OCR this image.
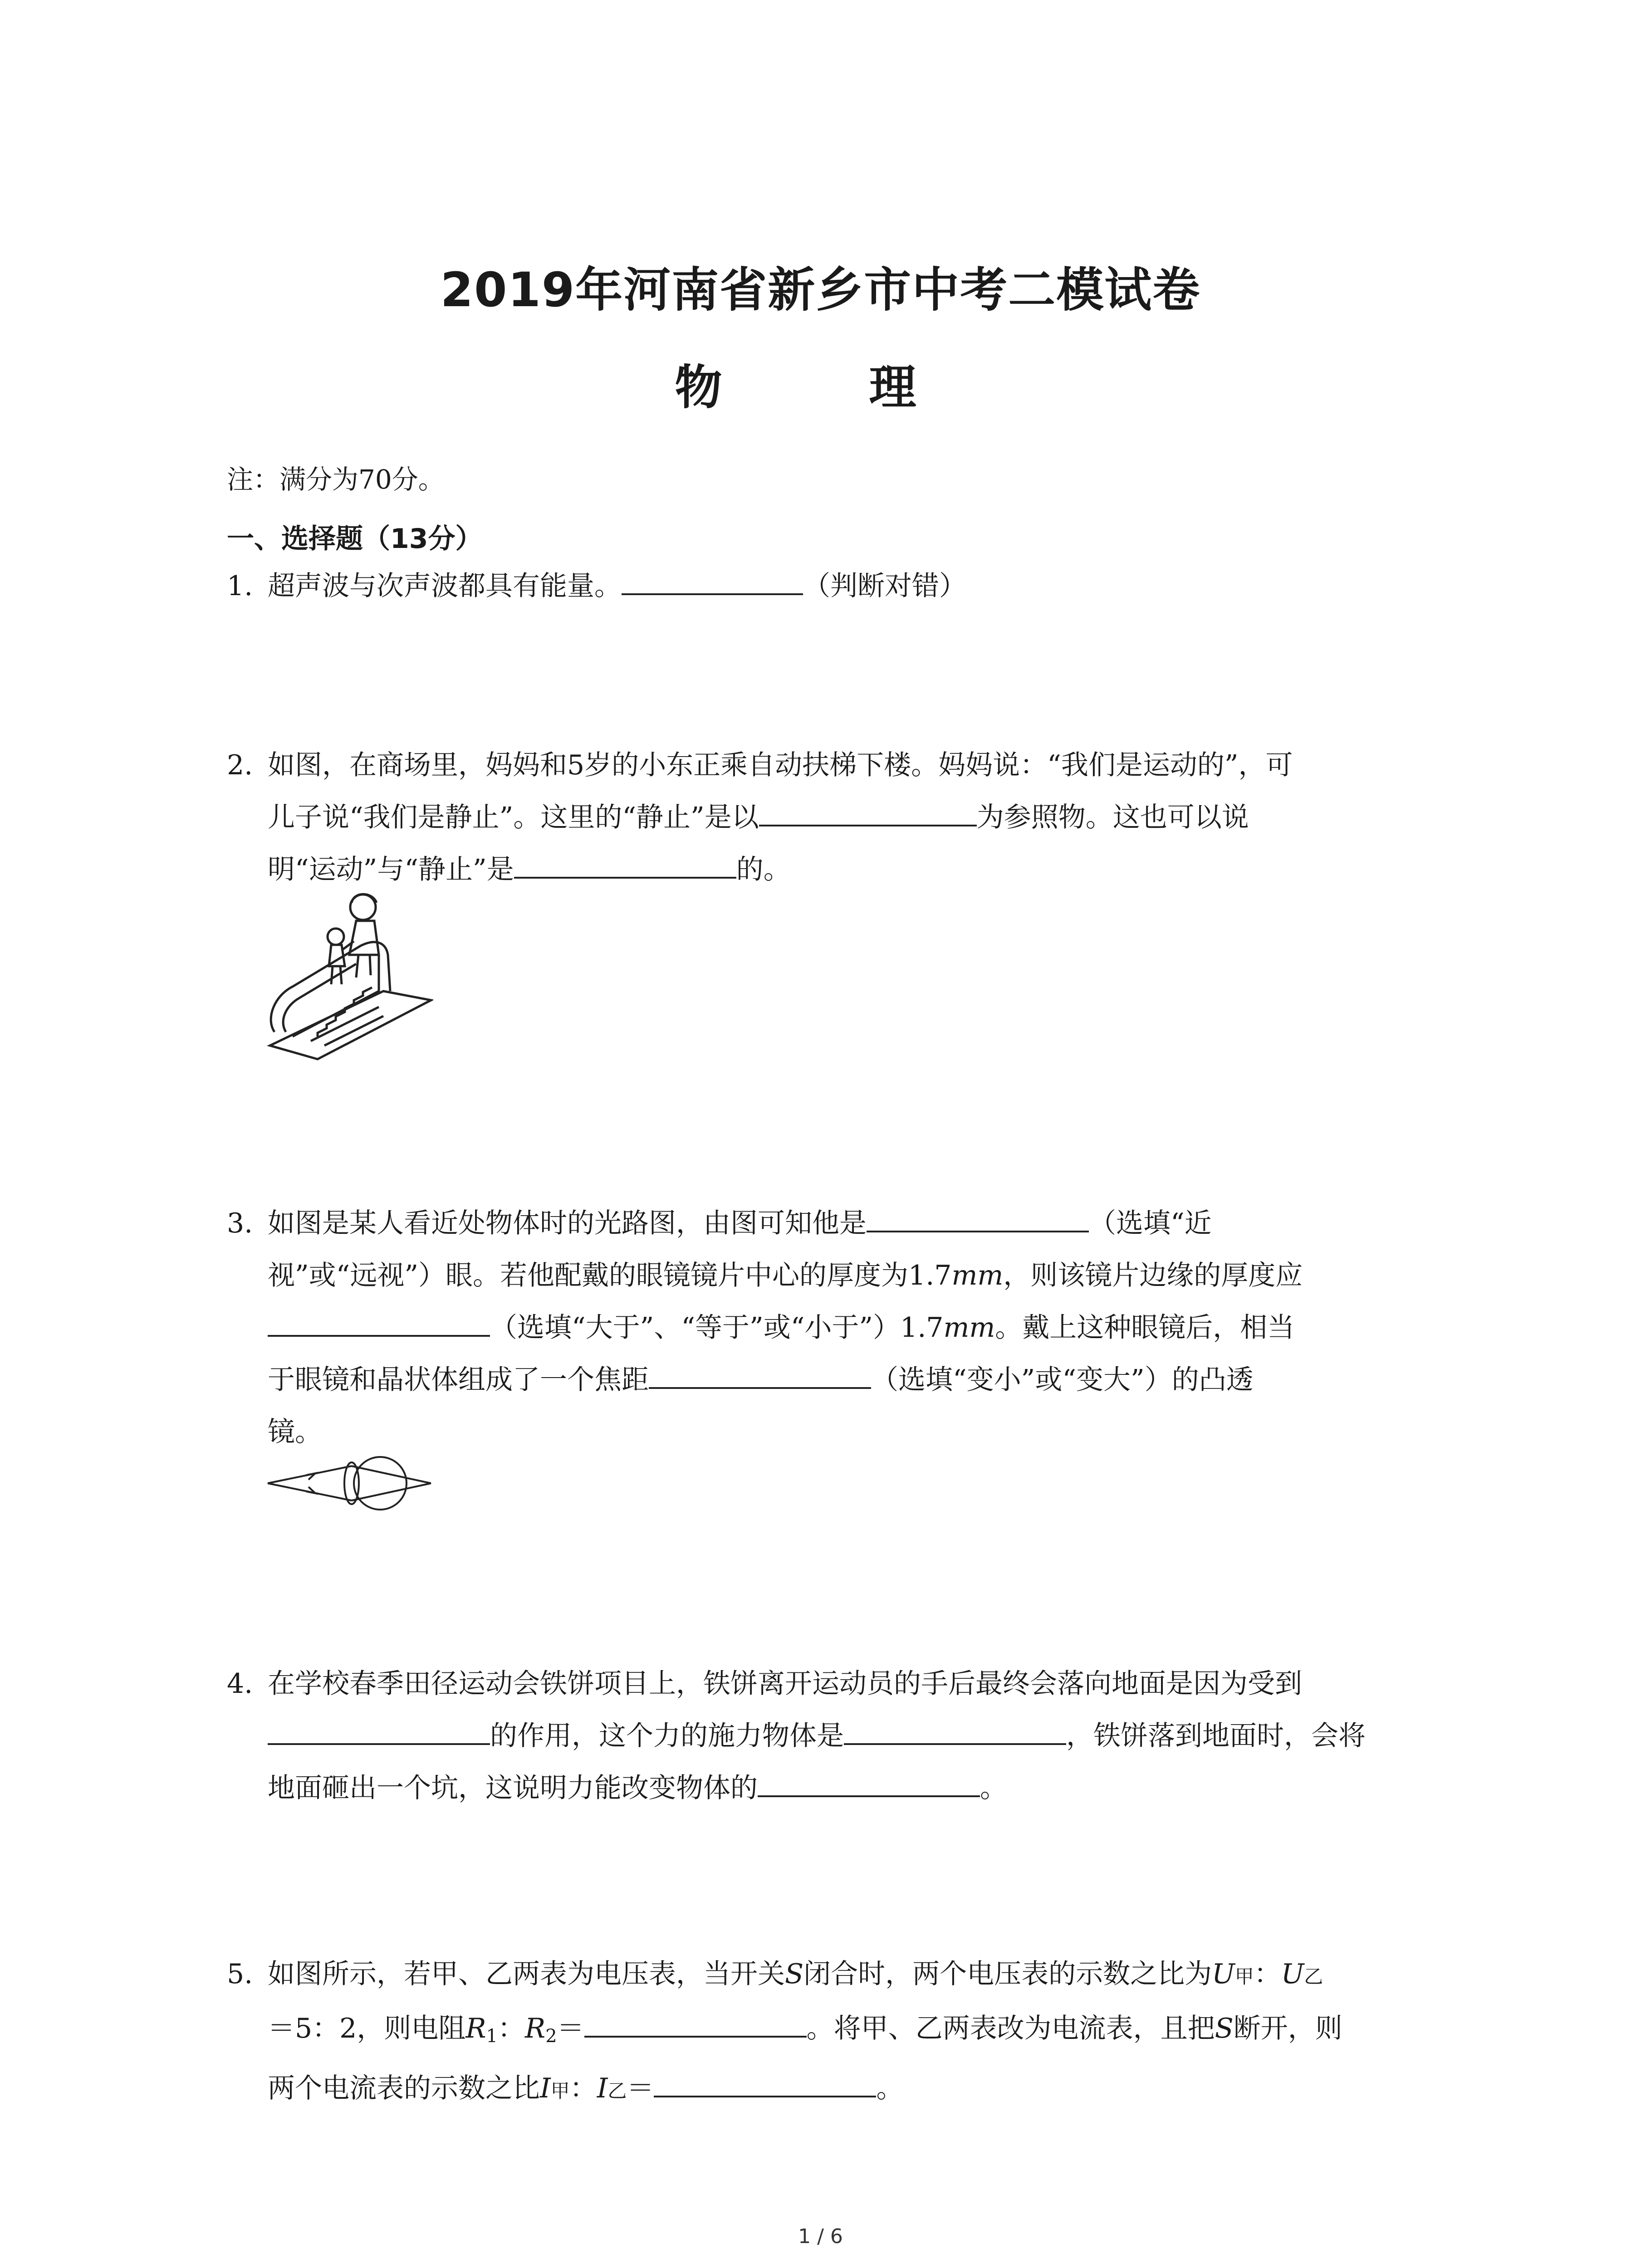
2019年河南省新乡市中考二模试卷
物　理
注：满分为70分。
一、选择题（13分）
1. 超声波与次声波都具有能量。	（判断对错）
2. 如图，在商场里，妈妈和5岁的小东正乘自动扶梯下楼。妈妈说：“我们是运动的”，可
儿子说“我们是静止”。这里的“静止”是以	为参照物。这也可以说
明“运动”与“静止”是	的。
3. 如图是某人看近处物体时的光路图，由图可知他是	（选填“近
视”或“远视”）眼。若他配戴的眼镜镜片中心的厚度为1.7mm，则该镜片边缘的厚度应
（选填“大于”、“等于”或“小于”）1.7mm。戴上这种眼镜后，相当
于眼镜和晶状体组成了一个焦距	（选填“变小”或“变大”）的凸透
镜。
4. 在学校春季田径运动会铁饼项目上，铁饼离开运动员的手后最终会落向地面是因为受到
的作用，这个力的施力物体是	，铁饼落到地面时，会将
地面砸出一个坑，这说明力能改变物体的	。
5. 如图所示，若甲、乙两表为电压表，当开关S闭合时，两个电压表的示数之比为U甲：U乙
＝5：2，则电阻$R_1$：$R_2=$	。将甲、乙两表改为电流表，且把S断开，则
两个电流表的示数之比I甲：I乙＝	。
1 / 6
